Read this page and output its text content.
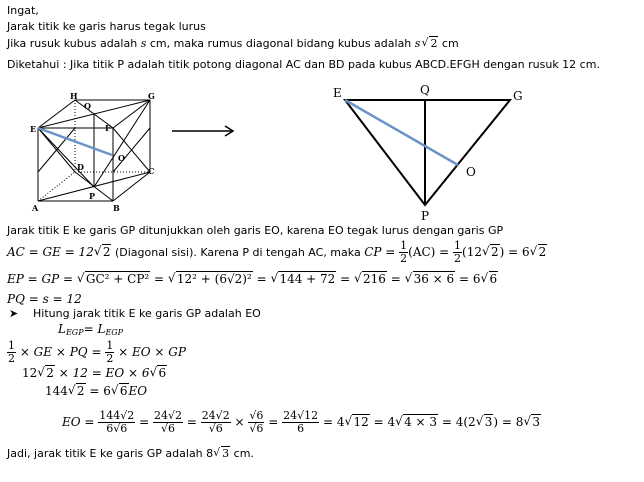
Ingat,
Jarak titik ke garis harus tegak lurus
Jika rusuk kubus adalah s cm, maka rumus diagonal bidang kubus adalah s√ 2 cm
Diketahui : Jika titik P adalah titik potong diagonal AC dan BD pada kubus ABCD.EFGH dengan rusuk 12 cm.
H	G
Q
E	F
O
D	C
P
A	B
E	Q	G
O
P
Jarak titik E ke garis GP ditunjukkan oleh garis EO, karena EO tegak lurus dengan garis GP
AC = GE = 12√ 2 (Diagonal sisi). Karena P di tengah AC, maka CP = $\frac{1}{2} (AC) = \frac{1}{2} (12√$ 2) = 6√ 2
EP = GP = √ GC² + CP² = √ 12² + (6√2)² = √ 144 + 72 = √ 216 = √ 36 × 6 = 6√ 6
PQ = s = 12
➤ Hitung jarak titik E ke garis GP adalah EO
$L_{EGP}= L_{EGP}$
$\frac{1}{2}$ × GE × PQ = $\frac{1}{2}$ × EO × GP
12√ 2 × 12 = EO × 6√ 6
144√ 2 = 6√ 6EO
EO = $\frac{144√2}{6√6} = \frac{24√2}{√6} = \frac{24√2}{√6} \times \frac{√6}{√6} = \frac{24√12}{6} = 4√$ 12 = 4√ 4 × 3 = 4(2√ 3) = 8√ 3
Jadi, jarak titik E ke garis GP adalah 8√ 3 cm.
